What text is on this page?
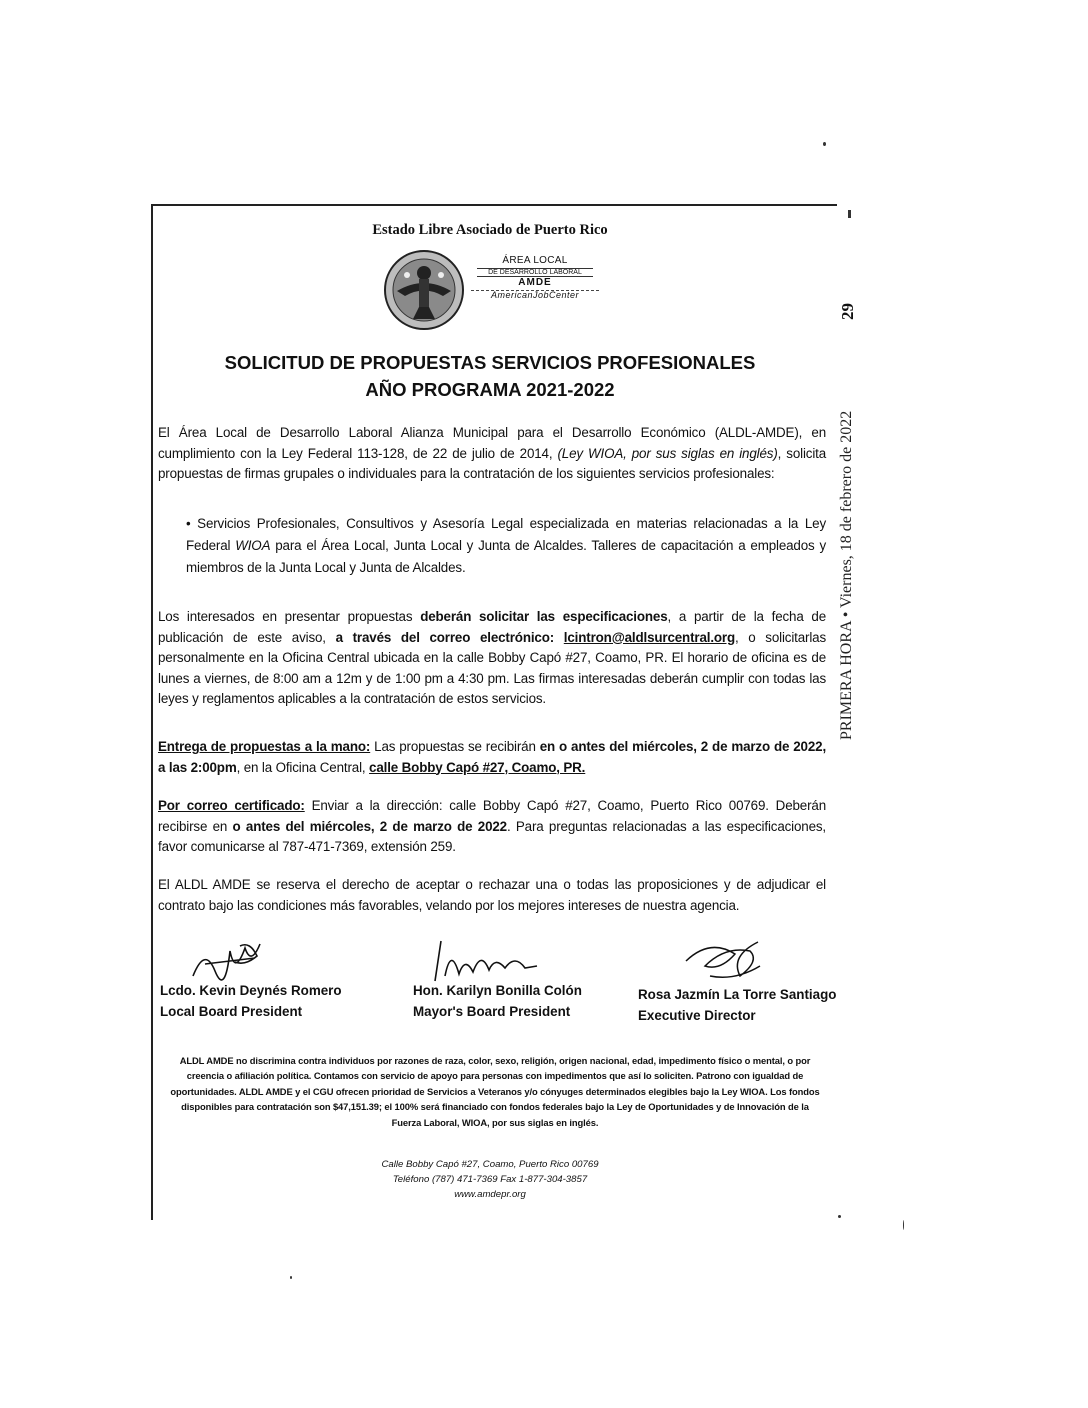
Estado Libre Asociado de Puerto Rico
ÁREA LOCAL
DE DESARROLLO LABORAL
AMDE
AmericanJobCenter
SOLICITUD DE PROPUESTAS SERVICIOS PROFESIONALES
AÑO PROGRAMA 2021-2022
El Área Local de Desarrollo Laboral Alianza Municipal para el Desarrollo Económico (ALDL-AMDE), en cumplimiento con la Ley Federal 113-128, de 22 de julio de 2014, (Ley WIOA, por sus siglas en inglés), solicita propuestas de firmas grupales o individuales para la contratación de los siguientes servicios profesionales:
• Servicios Profesionales, Consultivos y Asesoría Legal especializada en materias relacionadas a la Ley Federal WIOA para el Área Local, Junta Local y Junta de Alcaldes. Talleres de capacitación a empleados y miembros de la Junta Local y Junta de Alcaldes.
Los interesados en presentar propuestas deberán solicitar las especificaciones, a partir de la fecha de publicación de este aviso, a través del correo electrónico: lcintron@aldlsurcentral.org, o solicitarlas personalmente en la Oficina Central ubicada en la calle Bobby Capó #27, Coamo, PR. El horario de oficina es de lunes a viernes, de 8:00 am a 12m y de 1:00 pm a 4:30 pm. Las firmas interesadas deberán cumplir con todas las leyes y reglamentos aplicables a la contratación de estos servicios.
Entrega de propuestas a la mano: Las propuestas se recibirán en o antes del miércoles, 2 de marzo de 2022, a las 2:00pm, en la Oficina Central, calle Bobby Capó #27, Coamo, PR.
Por correo certificado: Enviar a la dirección: calle Bobby Capó #27, Coamo, Puerto Rico 00769. Deberán recibirse en o antes del miércoles, 2 de marzo de 2022. Para preguntas relacionadas a las especificaciones, favor comunicarse al 787-471-7369, extensión 259.
El ALDL AMDE se reserva el derecho de aceptar o rechazar una o todas las proposiciones y de adjudicar el contrato bajo las condiciones más favorables, velando por los mejores intereses de nuestra agencia.
Lcdo. Kevin Deynés Romero
Local Board President
Hon. Karilyn Bonilla Colón
Mayor's Board President
Rosa Jazmín La Torre Santiago
Executive Director
ALDL AMDE no discrimina contra individuos por razones de raza, color, sexo, religión, origen nacional, edad, impedimento físico o mental, o por creencia o afiliación política. Contamos con servicio de apoyo para personas con impedimentos que así lo soliciten. Patrono con igualdad de oportunidades. ALDL AMDE y el CGU ofrecen prioridad de Servicios a Veteranos y/o cónyuges determinados elegibles bajo la Ley WIOA. Los fondos disponibles para contratación son $47,151.39; el 100% será financiado con fondos federales bajo la Ley de Oportunidades y de Innovación de la Fuerza Laboral, WIOA, por sus siglas en inglés.
Calle Bobby Capó #27, Coamo, Puerto Rico 00769
Teléfono (787) 471-7369 Fax 1-877-304-3857
www.amdepr.org
29
PRIMERA HORA • Viernes, 18 de febrero de 2022
